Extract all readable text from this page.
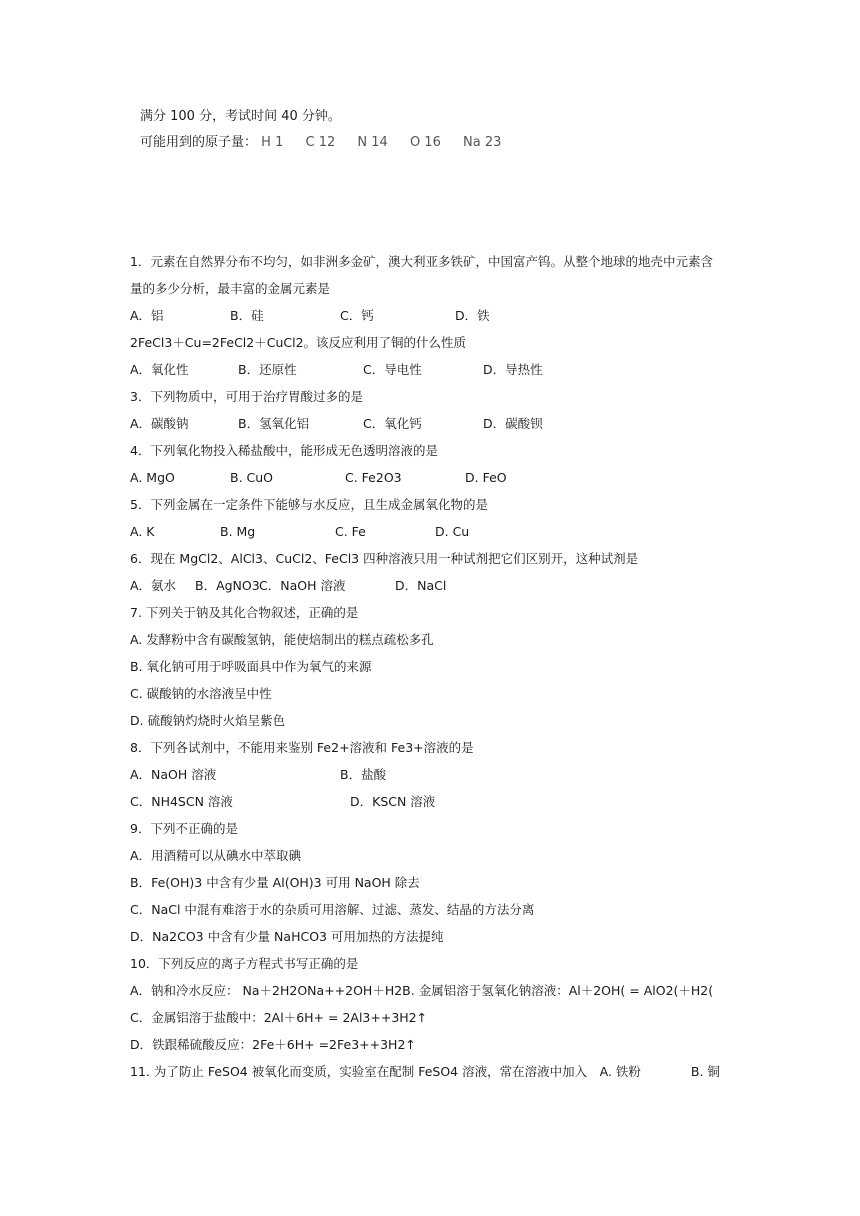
满分 100 分，考试时间 40 分钟。
可能用到的原子量： H 1 C 12 N 14 O 16 Na 23
1．元素在自然界分布不均匀，如非洲多金矿，澳大利亚多铁矿，中国富产钨。从整个地球的地壳中元素含
量的多少分析，最丰富的金属元素是
A．铝	B．硅	C．钙	D．铁
2FeCl3＋Cu=2FeCl2＋CuCl2。该反应利用了铜的什么性质
A．氧化性	B．还原性	C．导电性	D．导热性
3．下列物质中，可用于治疗胃酸过多的是
A．碳酸钠	B．氢氧化铝	C．氧化钙	D．碳酸钡
4．下列氧化物投入稀盐酸中，能形成无色透明溶液的是
A. MgO	B. CuO	C. Fe2O3	D. FeO
5．下列金属在一定条件下能够与水反应，且生成金属氧化物的是
A. K	B. Mg	C. Fe	D. Cu
6．现在 MgCl2、AlCl3、CuCl2、FeCl3 四种溶液只用一种试剂把它们区别开，这种试剂是
A．氨水 B．AgNO3C．NaOH 溶液	D．NaCl
7. 下列关于钠及其化合物叙述，正确的是
A. 发酵粉中含有碳酸氢钠，能使焙制出的糕点疏松多孔
B. 氧化钠可用于呼吸面具中作为氧气的来源
C. 碳酸钠的水溶液呈中性
D. 硫酸钠灼烧时火焰呈紫色
8．下列各试剂中，不能用来鉴别 Fe2+溶液和 Fe3+溶液的是
A．NaOH 溶液	B．盐酸
C．NH4SCN 溶液	D．KSCN 溶液
9．下列不正确的是
A．用酒精可以从碘水中萃取碘
B．Fe(OH)3 中含有少量 Al(OH)3 可用 NaOH 除去
C．NaCl 中混有难溶于水的杂质可用溶解、过滤、蒸发、结晶的方法分离
D．Na2CO3 中含有少量 NaHCO3 可用加热的方法提纯
10．下列反应的离子方程式书写正确的是
A．钠和冷水反应： Na＋2H2ONa++2OH＋H2B. 金属铝溶于氢氧化钠溶液：Al＋2OH( = AlO2(＋H2(
C．金属铝溶于盐酸中：2Al＋6H+ = 2Al3++3H2↑
D．铁跟稀硫酸反应：2Fe＋6H+ =2Fe3++3H2↑
11. 为了防止 FeSO4 被氧化而变质，实验室在配制 FeSO4 溶液，常在溶液中加入　A. 铁粉　　　　B. 铜
